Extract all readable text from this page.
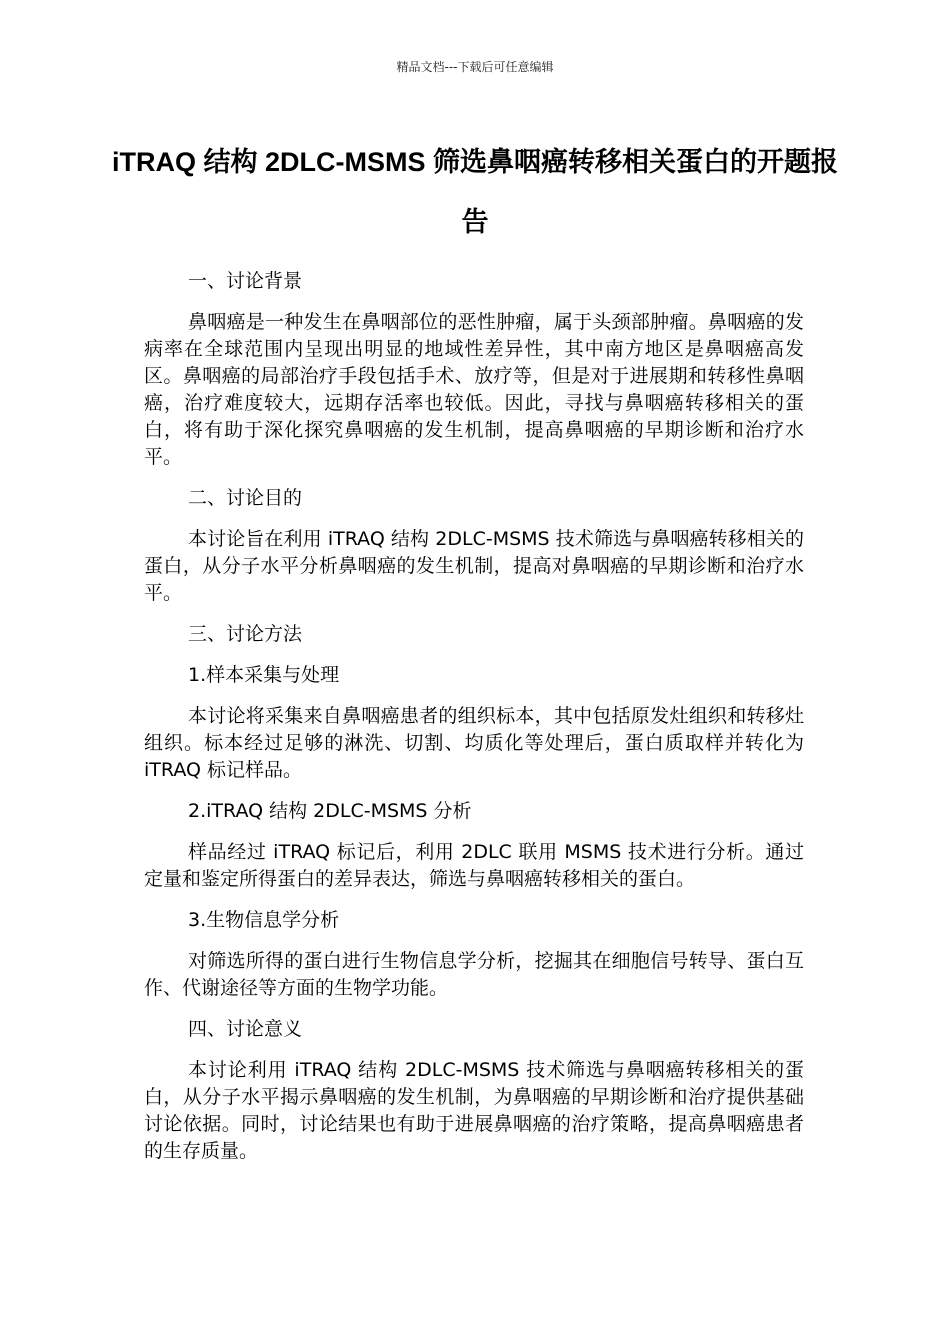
精品文档---下载后可任意编辑
iTRAQ 结构 2DLC-MSMS 筛选鼻咽癌转移相关蛋白的开题报告

一、讨论背景

鼻咽癌是一种发生在鼻咽部位的恶性肿瘤，属于头颈部肿瘤。鼻咽癌的发病率在全球范围内呈现出明显的地域性差异性，其中南方地区是鼻咽癌高发区。鼻咽癌的局部治疗手段包括手术、放疗等，但是对于进展期和转移性鼻咽癌，治疗难度较大，远期存活率也较低。因此，寻找与鼻咽癌转移相关的蛋白，将有助于深化探究鼻咽癌的发生机制，提高鼻咽癌的早期诊断和治疗水平。

二、讨论目的

本讨论旨在利用 iTRAQ 结构 2DLC-MSMS 技术筛选与鼻咽癌转移相关的蛋白，从分子水平分析鼻咽癌的发生机制，提高对鼻咽癌的早期诊断和治疗水平。

三、讨论方法

1.样本采集与处理

本讨论将采集来自鼻咽癌患者的组织标本，其中包括原发灶组织和转移灶组织。标本经过足够的淋洗、切割、均质化等处理后，蛋白质取样并转化为 iTRAQ 标记样品。

2.iTRAQ 结构 2DLC-MSMS 分析

样品经过 iTRAQ 标记后，利用 2DLC 联用 MSMS 技术进行分析。通过定量和鉴定所得蛋白的差异表达，筛选与鼻咽癌转移相关的蛋白。

3.生物信息学分析

对筛选所得的蛋白进行生物信息学分析，挖掘其在细胞信号转导、蛋白互作、代谢途径等方面的生物学功能。

四、讨论意义

本讨论利用 iTRAQ 结构 2DLC-MSMS 技术筛选与鼻咽癌转移相关的蛋白，从分子水平揭示鼻咽癌的发生机制，为鼻咽癌的早期诊断和治疗提供基础讨论依据。同时，讨论结果也有助于进展鼻咽癌的治疗策略，提高鼻咽癌患者的生存质量。
